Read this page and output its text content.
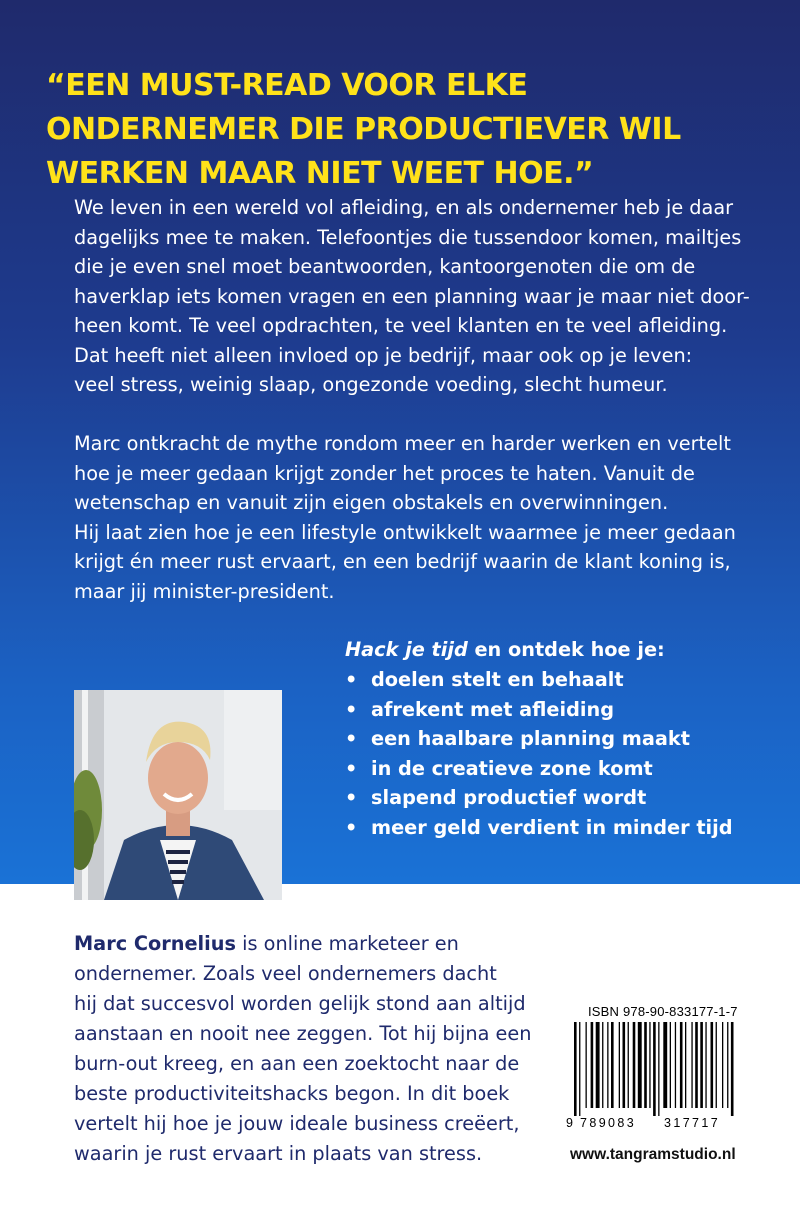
“EEN MUST-READ VOOR ELKE ONDERNEMER DIE PRODUCTIEVER WIL WERKEN MAAR NIET WEET HOE.”

We leven in een wereld vol afleiding, en als ondernemer heb je daar
dagelijks mee te maken. Telefoontjes die tussendoor komen, mailtjes
die je even snel moet beantwoorden, kantoorgenoten die om de
haverklap iets komen vragen en een planning waar je maar niet door-
heen komt. Te veel opdrachten, te veel klanten en te veel afleiding.
Dat heeft niet alleen invloed op je bedrijf, maar ook op je leven:
veel stress, weinig slaap, ongezonde voeding, slecht humeur.

Marc ontkracht de mythe rondom meer en harder werken en vertelt
hoe je meer gedaan krijgt zonder het proces te haten. Vanuit de
wetenschap en vanuit zijn eigen obstakels en overwinningen.
Hij laat zien hoe je een lifestyle ontwikkelt waarmee je meer gedaan
krijgt én meer rust ervaart, en een bedrijf waarin de klant koning is,
maar jij minister-president.

Hack je tijd en ontdek hoe je:
• doelen stelt en behaalt
• afrekent met afleiding
• een haalbare planning maakt
• in de creatieve zone komt
• slapend productief wordt
• meer geld verdient in minder tijd

Marc Cornelius is online marketeer en
ondernemer. Zoals veel ondernemers dacht
hij dat succesvol worden gelijk stond aan altijd
aanstaan en nooit nee zeggen. Tot hij bijna een
burn-out kreeg, en aan een zoektocht naar de
beste productiviteitshacks begon. In dit boek
vertelt hij hoe je jouw ideale business creëert,
waarin je rust ervaart in plaats van stress.

ISBN 978-90-833177-1-7
9 789083 317717
www.tangramstudio.nl
